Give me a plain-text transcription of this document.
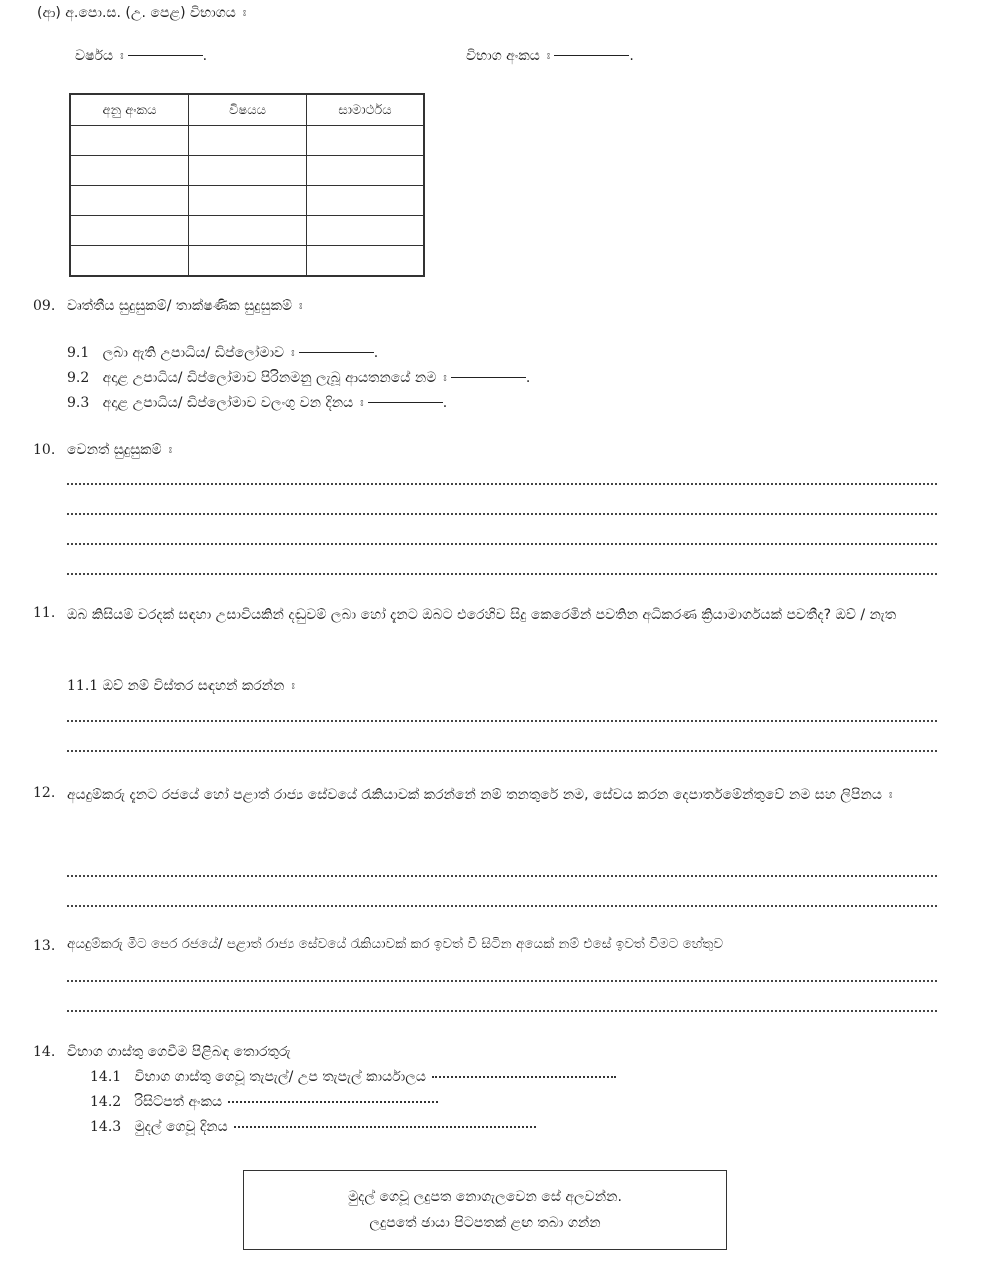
(ආ) අ.පො.ස. (උ. පෙළ) විභාගය ඃ
වර්ෂය ඃ	.	විභාග අංකය ඃ	.
අනු අංකය	විෂයය	සාමාර්ථය

09. වෘත්තීය සුදුසුකම්/ තාක්ෂණික සුදුසුකම් ඃ
9.1 ලබා ඇති උපාධිය/ ඩිප්ලෝමාව ඃ	.
9.2 අදාළ උපාධිය/ ඩිප්ලෝමාව පිරිනමනු ලැබූ ආයතනයේ නම ඃ	.
9.3 අදාළ උපාධිය/ ඩිප්ලෝමාව වලංගු වන දිනය ඃ	.
10. වෙනත් සුදුසුකම් ඃ
11. ඔබ කිසියම් වරදක් සඳහා උසාවියකින් දඬුවම් ලබා හෝ දැනට ඔබට එරෙහිව සිදු කෙරෙමින් පවතින අධිකරණ ක්‍රියාමාර්ගයක් පවතීද? ඔව් / නැත
11.1 ඔව් නම් විස්තර සඳහන් කරන්න ඃ
12. අයදුම්කරු දැනට රජයේ හෝ පළාත් රාජ්‍ය සේවයේ රැකියාවක් කරන්නේ නම් තනතුරේ නම, සේවය කරන දෙපාර්තමේන්තුවේ නම සහ ලිපිනය ඃ
13. අයදුම්කරු මීට පෙර රජයේ/ පළාත් රාජ්‍ය සේවයේ රැකියාවක් කර ඉවත් වී සිටින අයෙක් නම් එසේ ඉවත් වීමට හේතුව
14. විභාග ගාස්තු ගෙවීම පිළිබඳ තොරතුරු
14.1 විභාග ගාස්තු ගෙවූ තැපැල්/ උප තැපැල් කාර්යාලය
14.2 රිසිට්පත් අංකය
14.3 මුදල් ගෙවූ දිනය
මුදල් ගෙවූ ලදුපත නොගැලවෙන සේ අලවන්න.
ලදුපතේ ඡායා පිටපතක් ළඟ තබා ගන්න
